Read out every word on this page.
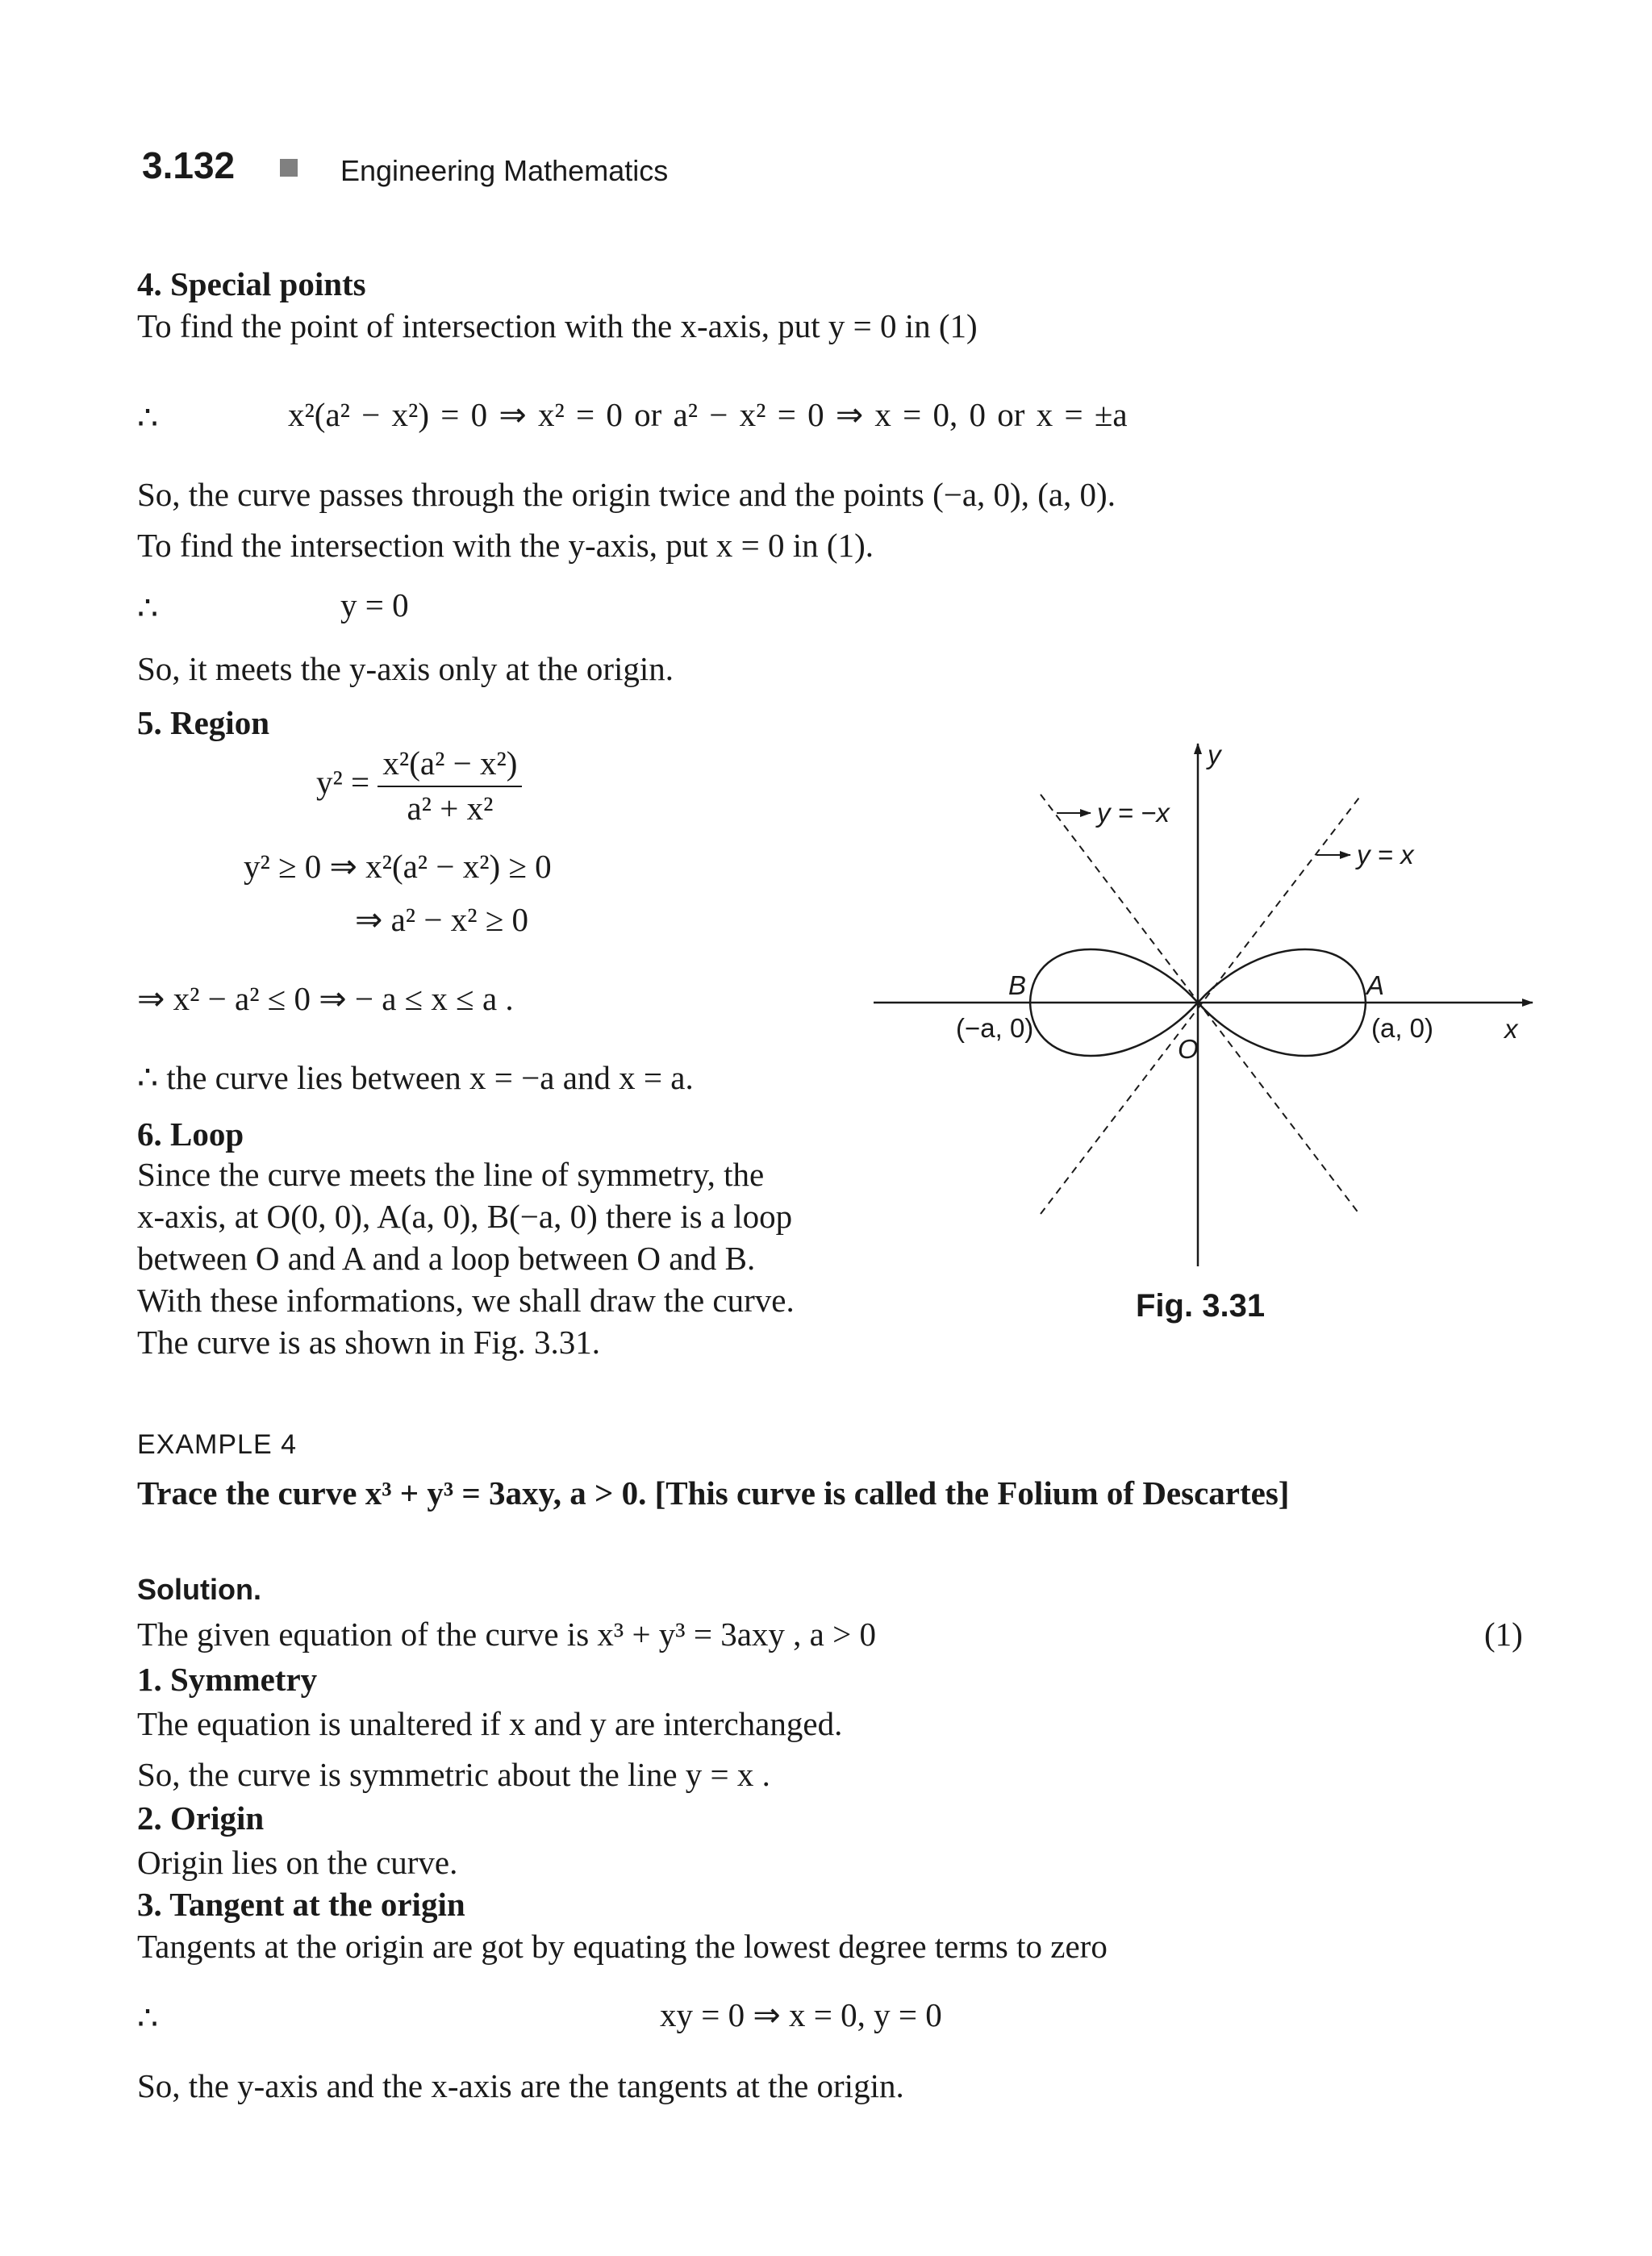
3.132	Engineering Mathematics
4. Special points
To find the point of intersection with the x-axis, put y = 0 in (1)
∴	x²(a² − x²) = 0 ⇒ x² = 0 or a² − x² = 0 ⇒ x = 0, 0 or x = ±a
So, the curve passes through the origin twice and the points (−a, 0), (a, 0).
To find the intersection with the y-axis, put x = 0 in (1).
∴	y = 0
So, it meets the y-axis only at the origin.
5. Region
$y^2 = \frac{\text{x²(a² − x²)}}{\text{a² + x²}}$
y² ≥ 0 ⇒ x²(a² − x²) ≥ 0
⇒ a² − x² ≥ 0
⇒ x² − a² ≤ 0 ⇒ − a ≤ x ≤ a .
∴ the curve lies between x = −a and x = a.
6. Loop
Since the curve meets the line of symmetry, the
x-axis, at O(0, 0), A(a, 0), B(−a, 0) there is a loop
between O and A and a loop between O and B.
With these informations, we shall draw the curve.
The curve is as shown in Fig. 3.31.
y
x
y = −x
y = x
B
(−a, 0)
A
(a, 0)
O
Fig. 3.31
EXAMPLE 4
Trace the curve x³ + y³ = 3axy, a > 0. [This curve is called the Folium of Descartes]
Solution.
The given equation of the curve is x³ + y³ = 3axy , a > 0	(1)
1. Symmetry
The equation is unaltered if x and y are interchanged.
So, the curve is symmetric about the line y = x .
2. Origin
Origin lies on the curve.
3. Tangent at the origin
Tangents at the origin are got by equating the lowest degree terms to zero
∴	xy = 0 ⇒ x = 0, y = 0
So, the y-axis and the x-axis are the tangents at the origin.
